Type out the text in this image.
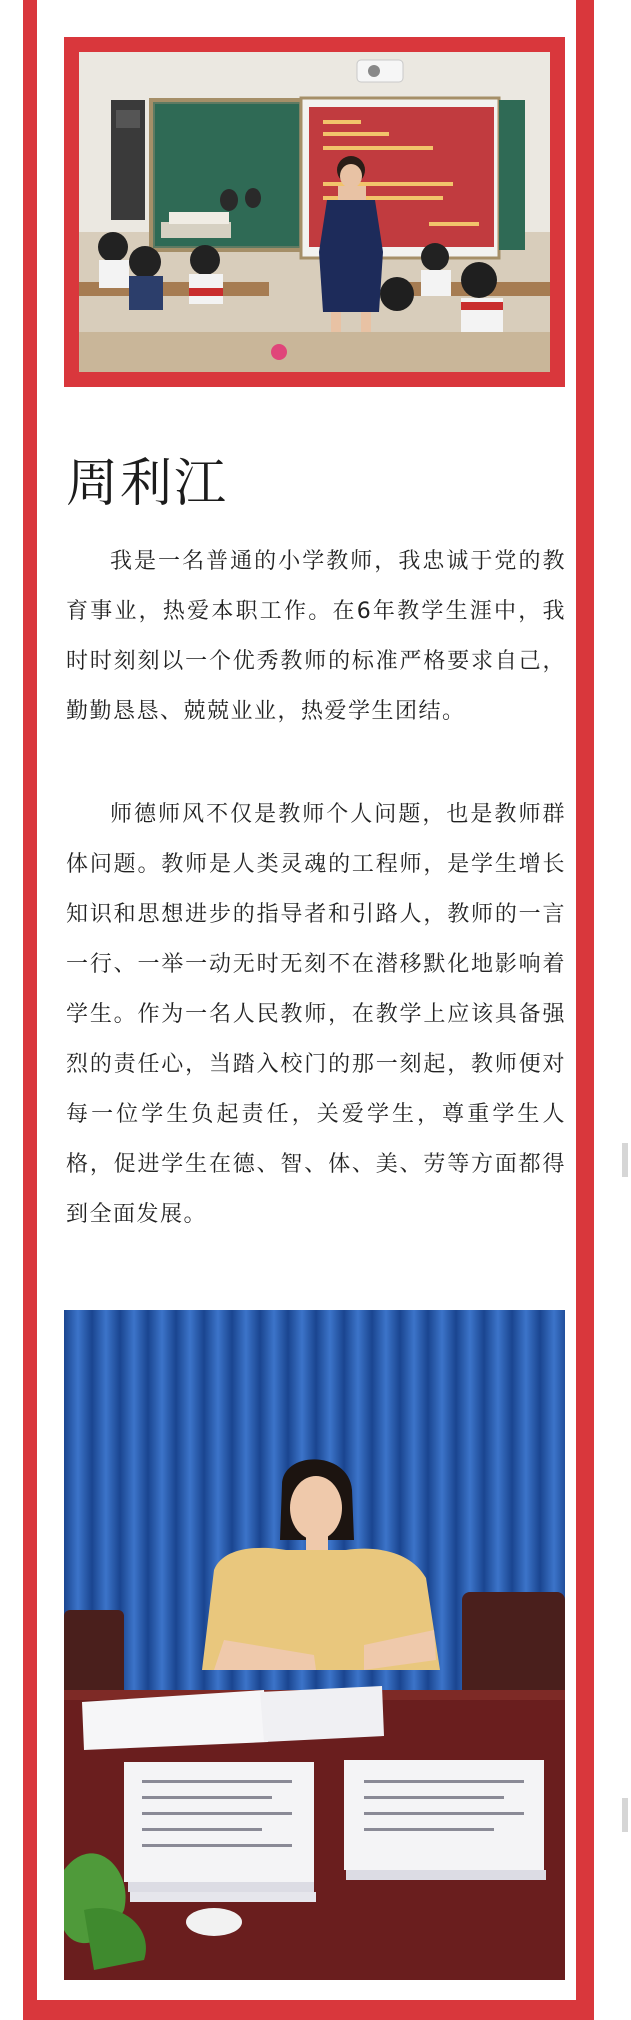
周利江

我是一名普通的小学教师，我忠诚于党的教育事业，热爱本职工作。在6年教学生涯中，我时时刻刻以一个优秀教师的标准严格要求自己，勤勤恳恳、兢兢业业，热爱学生团结。

师德师风不仅是教师个人问题，也是教师群体问题。教师是人类灵魂的工程师，是学生增长知识和思想进步的指导者和引路人，教师的一言一行、一举一动无时无刻不在潜移默化地影响着学生。作为一名人民教师，在教学上应该具备强烈的责任心，当踏入校门的那一刻起，教师便对每一位学生负起责任，关爱学生，尊重学生人格，促进学生在德、智、体、美、劳等方面都得到全面发展。
